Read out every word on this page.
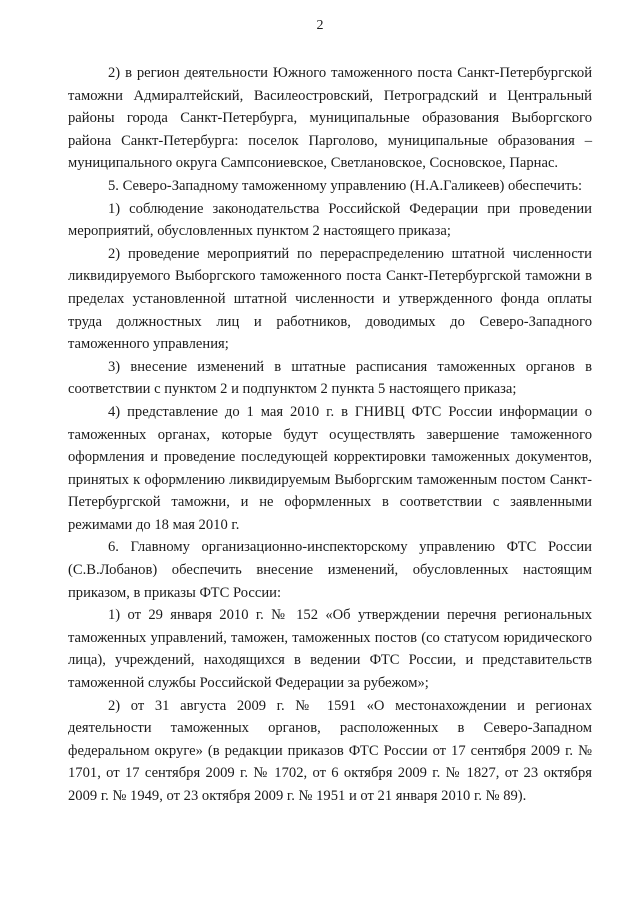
2

2) в регион деятельности Южного таможенного поста Санкт-Петербургской таможни Адмиралтейский, Василеостровский, Петроградский и Центральный районы города Санкт-Петербурга, муниципальные образования Выборгского района Санкт-Петербурга: поселок Парголово, муниципальные образования – муниципального округа Сампсониевское, Светлановское, Сосновское, Парнас.

5. Северо-Западному таможенному управлению (Н.А.Галикеев) обеспечить:

1) соблюдение законодательства Российской Федерации при проведении мероприятий, обусловленных пунктом 2 настоящего приказа;

2) проведение мероприятий по перераспределению штатной численности ликвидируемого Выборгского таможенного поста Санкт-Петербургской таможни в пределах установленной штатной численности и утвержденного фонда оплаты труда должностных лиц и работников, доводимых до Северо-Западного таможенного управления;

3) внесение изменений в штатные расписания таможенных органов в соответствии с пунктом 2 и подпунктом 2 пункта 5 настоящего приказа;

4) представление до 1 мая 2010 г. в ГНИВЦ ФТС России информации о таможенных органах, которые будут осуществлять завершение таможенного оформления и проведение последующей корректировки таможенных документов, принятых к оформлению ликвидируемым Выборгским таможенным постом Санкт-Петербургской таможни, и не оформленных в соответствии с заявленными режимами до 18 мая 2010 г.

6. Главному организационно-инспекторскому управлению ФТС России (С.В.Лобанов) обеспечить внесение изменений, обусловленных настоящим приказом, в приказы ФТС России:

1) от 29 января 2010 г. № 152 «Об утверждении перечня региональных таможенных управлений, таможен, таможенных постов (со статусом юридического лица), учреждений, находящихся в ведении ФТС России, и представительств таможенной службы Российской Федерации за рубежом»;

2) от 31 августа 2009 г. № 1591 «О местонахождении и регионах деятельности таможенных органов, расположенных в Северо-Западном федеральном округе» (в редакции приказов ФТС России от 17 сентября 2009 г. № 1701, от 17 сентября 2009 г. № 1702, от 6 октября 2009 г. № 1827, от 23 октября 2009 г. № 1949, от 23 октября 2009 г. № 1951 и от 21 января 2010 г. № 89).
